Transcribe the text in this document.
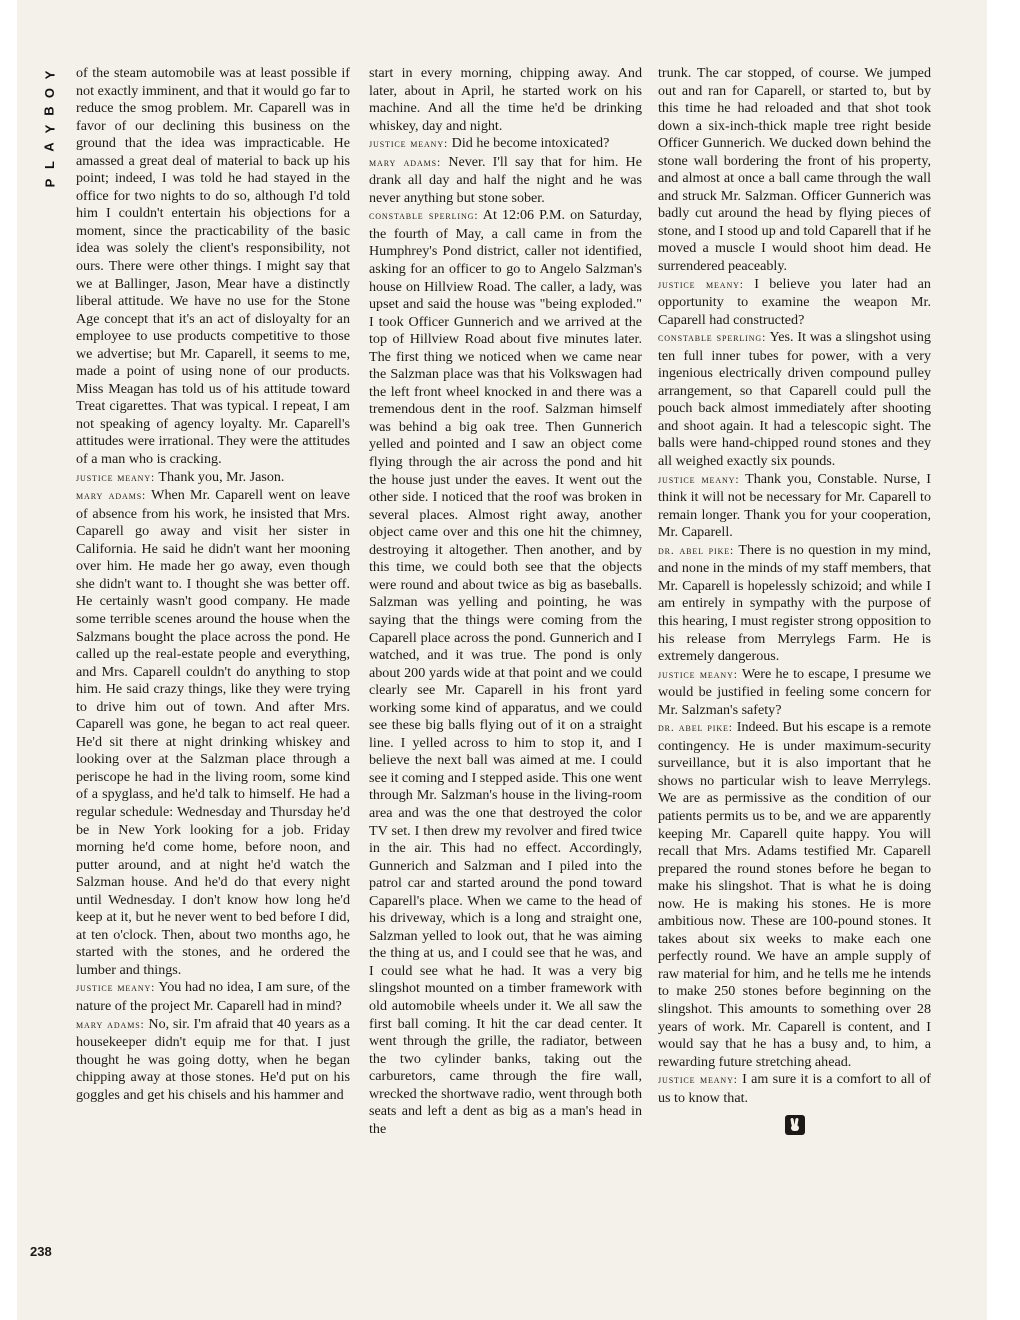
Y
O
B
Y
A
L
P
238

of the steam automobile was at least possible if not exactly imminent, and that it would go far to reduce the smog problem. Mr. Caparell was in favor of our declining this business on the ground that the idea was impracticable. He amassed a great deal of material to back up his point; indeed, I was told he had stayed in the office for two nights to do so, although I'd told him I couldn't entertain his objections for a moment, since the practicability of the basic idea was solely the client's responsibility, not ours. There were other things. I might say that we at Ballinger, Jason, Mear have a distinctly liberal attitude. We have no use for the Stone Age concept that it's an act of disloyalty for an employee to use products competitive to those we advertise; but Mr. Caparell, it seems to me, made a point of using none of our products. Miss Meagan has told us of his attitude toward Treat cigarettes. That was typical. I repeat, I am not speaking of agency loyalty. Mr. Caparell's attitudes were irrational. They were the attitudes of a man who is cracking.

justice meany: Thank you, Mr. Jason.

mary adams: When Mr. Caparell went on leave of absence from his work, he insisted that Mrs. Caparell go away and visit her sister in California. He said he didn't want her mooning over him. He made her go away, even though she didn't want to. I thought she was better off. He certainly wasn't good company. He made some terrible scenes around the house when the Salzmans bought the place across the pond. He called up the real-estate people and everything, and Mrs. Caparell couldn't do anything to stop him. He said crazy things, like they were trying to drive him out of town. And after Mrs. Caparell was gone, he began to act real queer. He'd sit there at night drinking whiskey and looking over at the Salzman place through a periscope he had in the living room, some kind of a spyglass, and he'd talk to himself. He had a regular schedule: Wednesday and Thursday he'd be in New York looking for a job. Friday morning he'd come home, before noon, and putter around, and at night he'd watch the Salzman house. And he'd do that every night until Wednesday. I don't know how long he'd keep at it, but he never went to bed before I did, at ten o'clock. Then, about two months ago, he started with the stones, and he ordered the lumber and things.

justice meany: You had no idea, I am sure, of the nature of the project Mr. Caparell had in mind?

mary adams: No, sir. I'm afraid that 40 years as a housekeeper didn't equip me for that. I just thought he was going dotty, when he began chipping away at those stones. He'd put on his goggles and get his chisels and his hammer and

start in every morning, chipping away. And later, about in April, he started work on his machine. And all the time he'd be drinking whiskey, day and night.

justice meany: Did he become intoxicated?

mary adams: Never. I'll say that for him. He drank all day and half the night and he was never anything but stone sober.

constable sperling: At 12:06 P.M. on Saturday, the fourth of May, a call came in from the Humphrey's Pond district, caller not identified, asking for an officer to go to Angelo Salzman's house on Hillview Road. The caller, a lady, was upset and said the house was "being exploded." I took Officer Gunnerich and we arrived at the top of Hillview Road about five minutes later. The first thing we noticed when we came near the Salzman place was that his Volkswagen had the left front wheel knocked in and there was a tremendous dent in the roof. Salzman himself was behind a big oak tree. Then Gunnerich yelled and pointed and I saw an object come flying through the air across the pond and hit the house just under the eaves. It went out the other side. I noticed that the roof was broken in several places. Almost right away, another object came over and this one hit the chimney, destroying it altogether. Then another, and by this time, we could both see that the objects were round and about twice as big as baseballs. Salzman was yelling and pointing, he was saying that the things were coming from the Caparell place across the pond. Gunnerich and I watched, and it was true. The pond is only about 200 yards wide at that point and we could clearly see Mr. Caparell in his front yard working some kind of apparatus, and we could see these big balls flying out of it on a straight line. I yelled across to him to stop it, and I believe the next ball was aimed at me. I could see it coming and I stepped aside. This one went through Mr. Salzman's house in the living-room area and was the one that destroyed the color TV set. I then drew my revolver and fired twice in the air. This had no effect. Accordingly, Gunnerich and Salzman and I piled into the patrol car and started around the pond toward Caparell's place. When we came to the head of his driveway, which is a long and straight one, Salzman yelled to look out, that he was aiming the thing at us, and I could see that he was, and I could see what he had. It was a very big slingshot mounted on a timber framework with old automobile wheels under it. We all saw the first ball coming. It hit the car dead center. It went through the grille, the radiator, between the two cylinder banks, taking out the carburetors, came through the fire wall, wrecked the shortwave radio, went through both seats and left a dent as big as a man's head in the

trunk. The car stopped, of course. We jumped out and ran for Caparell, or started to, but by this time he had reloaded and that shot took down a six-inch-thick maple tree right beside Officer Gunnerich. We ducked down behind the stone wall bordering the front of his property, and almost at once a ball came through the wall and struck Mr. Salzman. Officer Gunnerich was badly cut around the head by flying pieces of stone, and I stood up and told Caparell that if he moved a muscle I would shoot him dead. He surrendered peaceably.

justice meany: I believe you later had an opportunity to examine the weapon Mr. Caparell had constructed?

constable sperling: Yes. It was a slingshot using ten full inner tubes for power, with a very ingenious electrically driven compound pulley arrangement, so that Caparell could pull the pouch back almost immediately after shooting and shoot again. It had a telescopic sight. The balls were hand-chipped round stones and they all weighed exactly six pounds.

justice meany: Thank you, Constable. Nurse, I think it will not be necessary for Mr. Caparell to remain longer. Thank you for your cooperation, Mr. Caparell.

dr. abel pike: There is no question in my mind, and none in the minds of my staff members, that Mr. Caparell is hopelessly schizoid; and while I am entirely in sympathy with the purpose of this hearing, I must register strong opposition to his release from Merrylegs Farm. He is extremely dangerous.

justice meany: Were he to escape, I presume we would be justified in feeling some concern for Mr. Salzman's safety?

dr. abel pike: Indeed. But his escape is a remote contingency. He is under maximum-security surveillance, but it is also important that he shows no particular wish to leave Merrylegs. We are as permissive as the condition of our patients permits us to be, and we are apparently keeping Mr. Caparell quite happy. You will recall that Mrs. Adams testified Mr. Caparell prepared the round stones before he began to make his slingshot. That is what he is doing now. He is making his stones. He is more ambitious now. These are 100-pound stones. It takes about six weeks to make each one perfectly round. We have an ample supply of raw material for him, and he tells me he intends to make 250 stones before beginning on the slingshot. This amounts to something over 28 years of work. Mr. Caparell is content, and I would say that he has a busy and, to him, a rewarding future stretching ahead.

justice meany: I am sure it is a comfort to all of us to know that.
